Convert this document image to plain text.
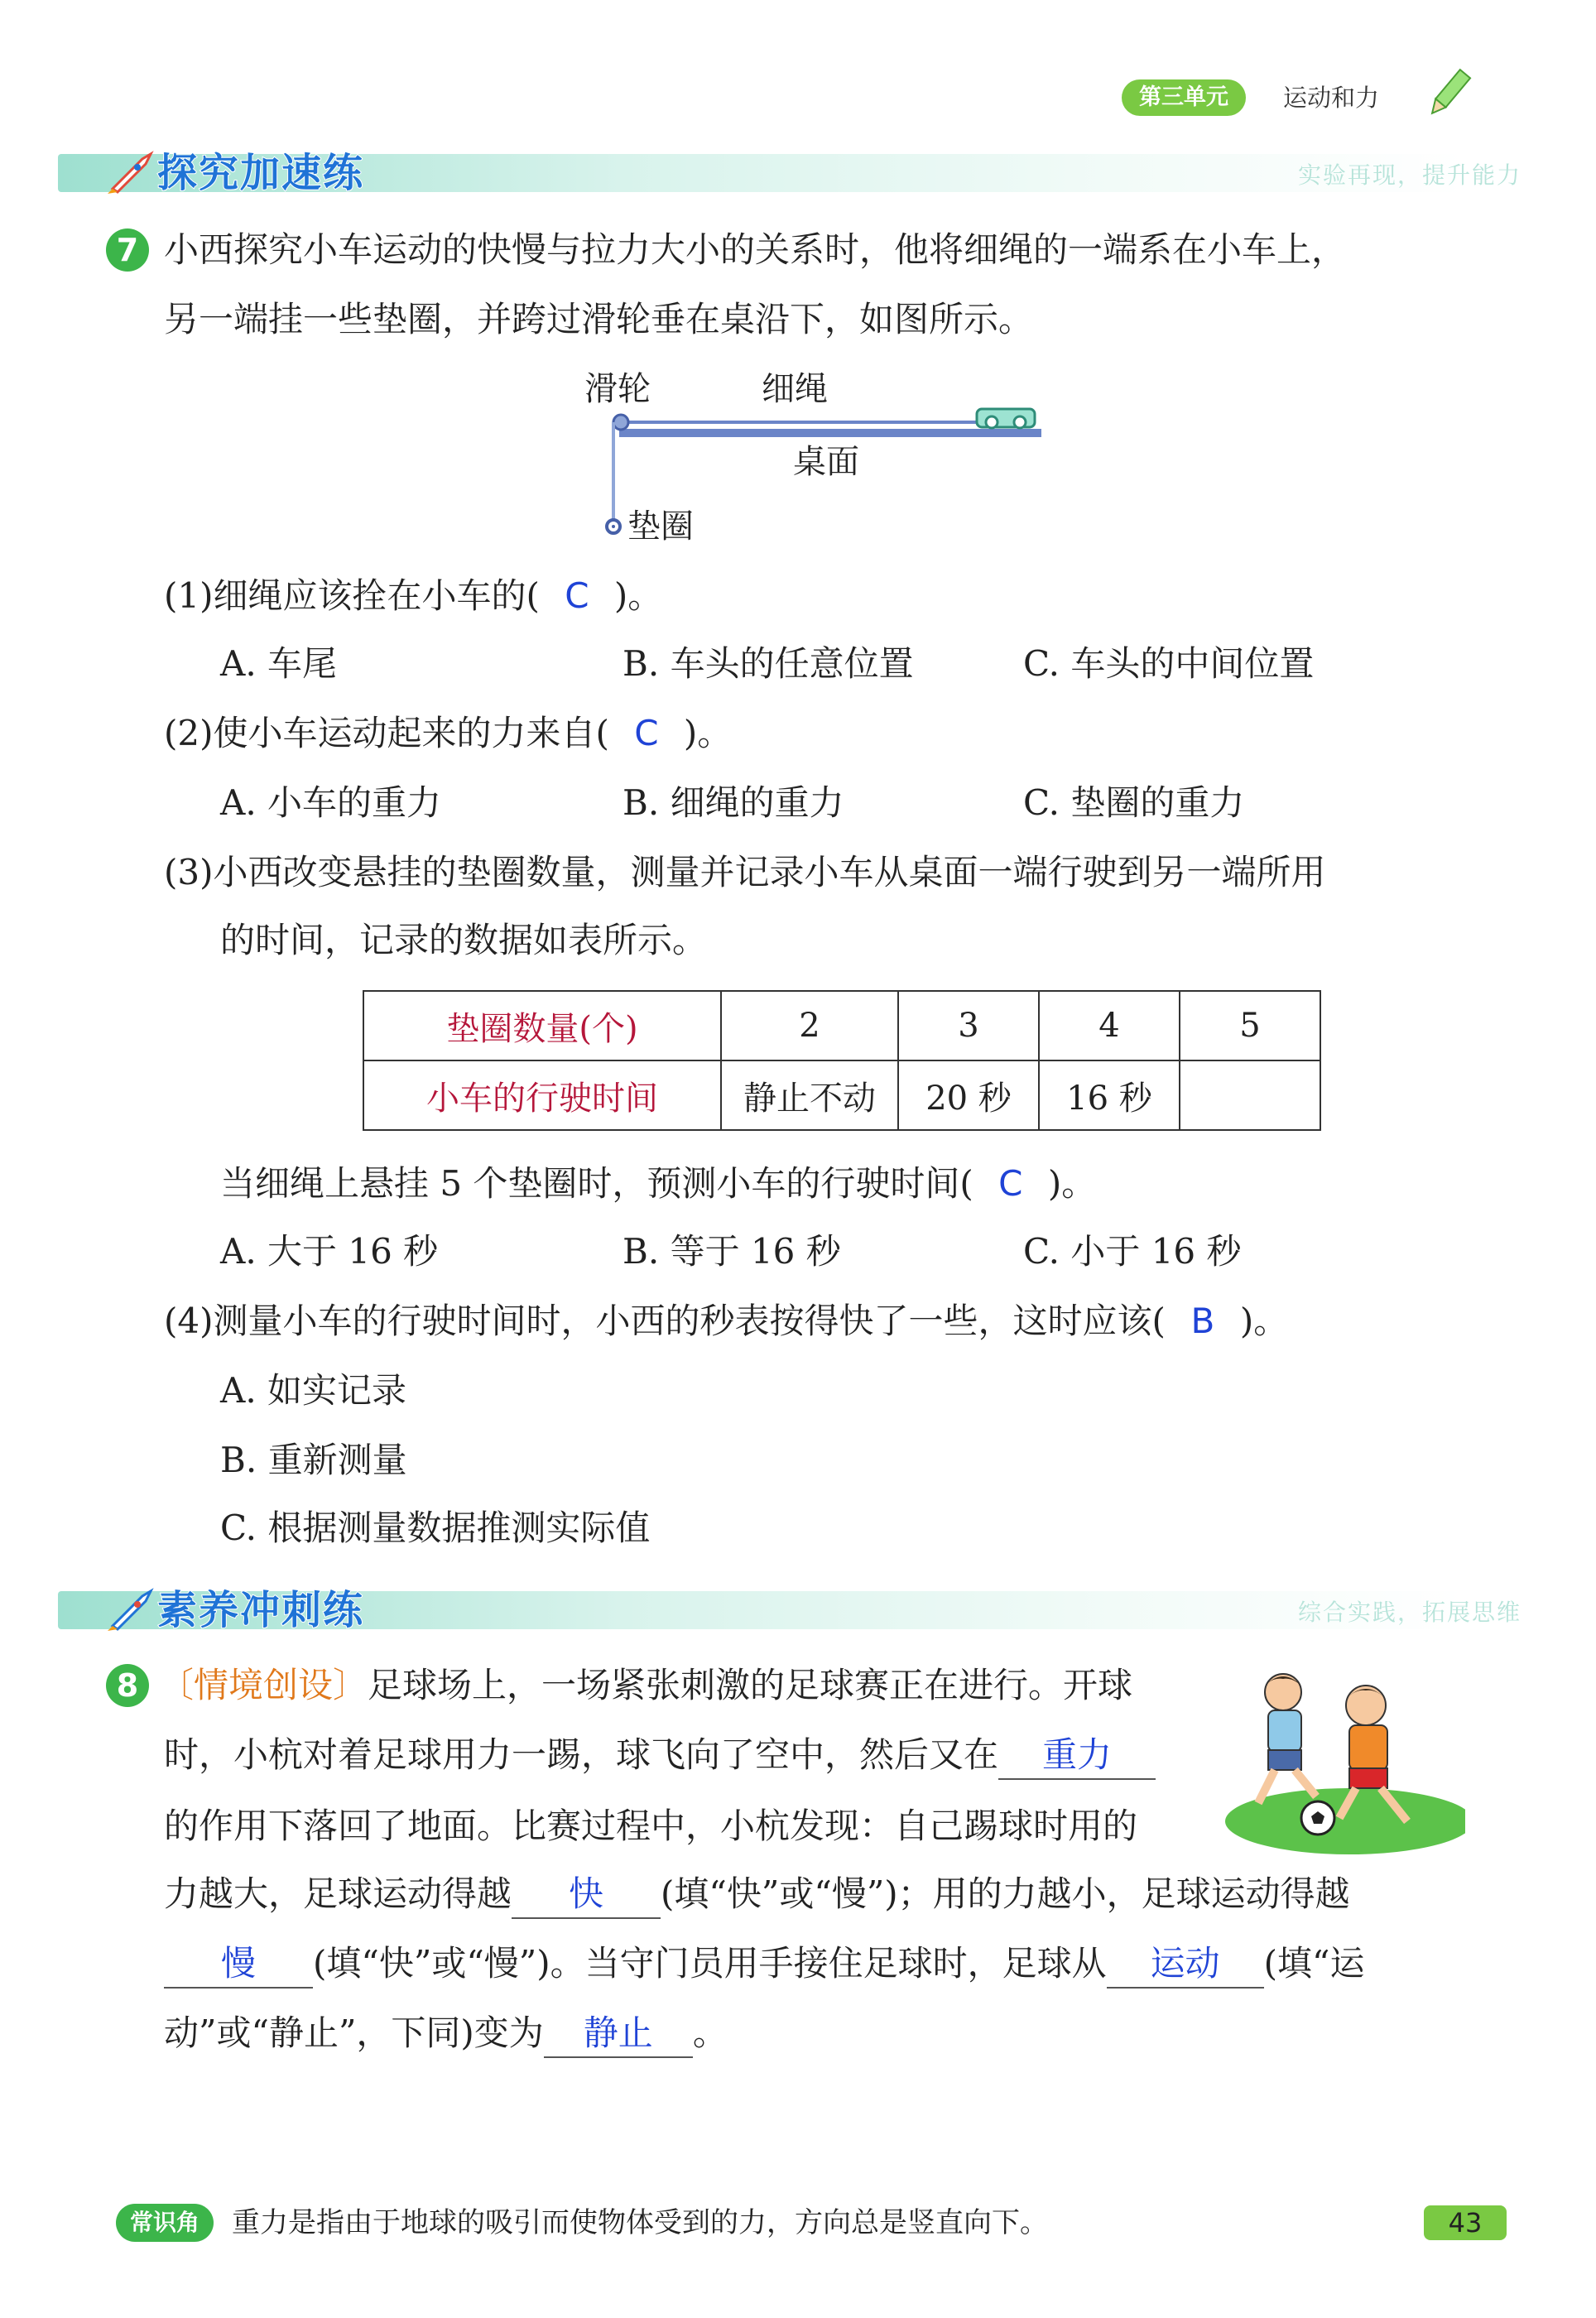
第三单元	运动和力
探究加速练	实验再现，提升能力
7 小西探究小车运动的快慢与拉力大小的关系时，他将细绳的一端系在小车上，
另一端挂一些垫圈，并跨过滑轮垂在桌沿下，如图所示。
滑轮	细绳
桌面
垫圈
(1)细绳应该拴在小车的( C )。
A. 车尾	B. 车头的任意位置	C. 车头的中间位置
(2)使小车运动起来的力来自( C )。
A. 小车的重力	B. 细绳的重力	C. 垫圈的重力
(3)小西改变悬挂的垫圈数量，测量并记录小车从桌面一端行驶到另一端所用
的时间，记录的数据如表所示。
垫圈数量(个)	2	3	4	5
小车的行驶时间	静止不动	20 秒	16 秒	
当细绳上悬挂 5 个垫圈时，预测小车的行驶时间( C )。
A. 大于 16 秒	B. 等于 16 秒	C. 小于 16 秒
(4)测量小车的行驶时间时，小西的秒表按得快了一些，这时应该( B )。
A. 如实记录
B. 重新测量
C. 根据测量数据推测实际值
素养冲刺练	综合实践，拓展思维
8 〔情境创设〕足球场上，一场紧张刺激的足球赛正在进行。开球
时，小杭对着足球用力一踢，球飞向了空中，然后又在 重力
的作用下落回了地面。比赛过程中，小杭发现：自己踢球时用的
力越大，足球运动得越 快 (填“快”或“慢”)；用的力越小，足球运动得越
慢 (填“快”或“慢”)。当守门员用手接住足球时，足球从 运动 (填“运
动”或“静止”，下同)变为 静止 。
常识角	重力是指由于地球的吸引而使物体受到的力，方向总是竖直向下。	43
